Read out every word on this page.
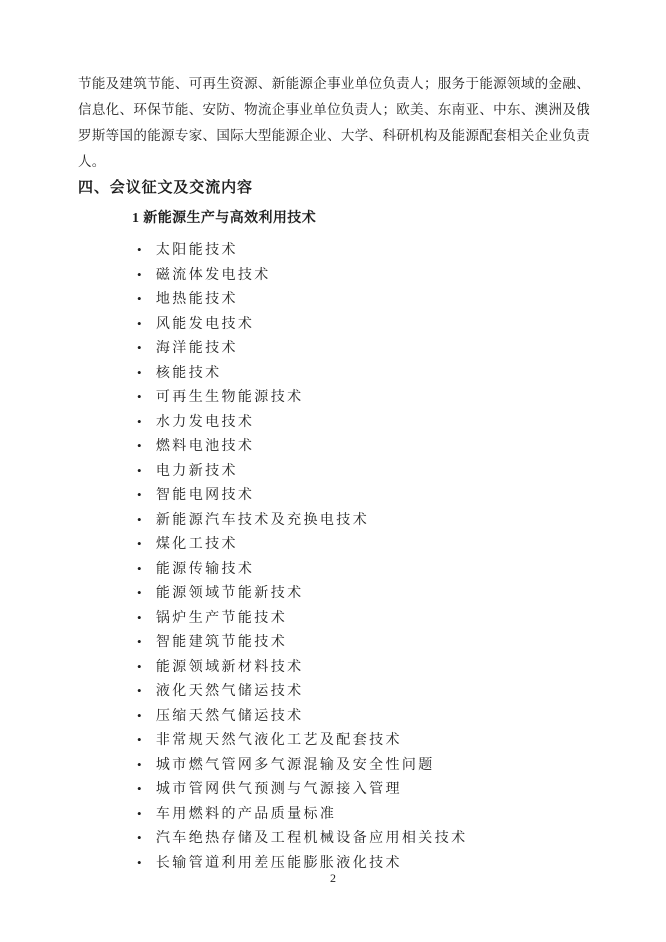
节能及建筑节能、可再生资源、新能源企事业单位负责人；服务于能源领域的金融、信息化、环保节能、安防、物流企事业单位负责人；欧美、东南亚、中东、澳洲及俄罗斯等国的能源专家、国际大型能源企业、大学、科研机构及能源配套相关企业负责人。

四、会议征文及交流内容
1 新能源生产与高效利用技术
• 太阳能技术
• 磁流体发电技术
• 地热能技术
• 风能发电技术
• 海洋能技术
• 核能技术
• 可再生生物能源技术
• 水力发电技术
• 燃料电池技术
• 电力新技术
• 智能电网技术
• 新能源汽车技术及充换电技术
• 煤化工技术
• 能源传输技术
• 能源领域节能新技术
• 锅炉生产节能技术
• 智能建筑节能技术
• 能源领域新材料技术
• 液化天然气储运技术
• 压缩天然气储运技术
• 非常规天然气液化工艺及配套技术
• 城市燃气管网多气源混输及安全性问题
• 城市管网供气预测与气源接入管理
• 车用燃料的产品质量标准
• 汽车绝热存储及工程机械设备应用相关技术
• 长输管道利用差压能膨胀液化技术
2
